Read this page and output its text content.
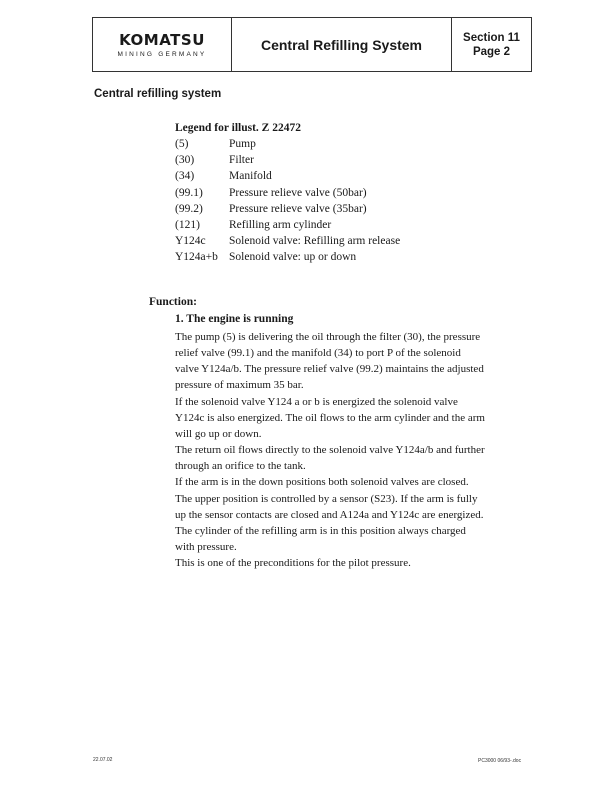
KOMATSU
MINING GERMANY
Central Refilling System	Section 11
Page 2
Central refilling system
Legend for illust. Z 22472
(5)	Pump
(30)	Filter
(34)	Manifold
(99.1)	Pressure relieve valve (50bar)
(99.2)	Pressure relieve valve (35bar)
(121)	Refilling arm cylinder
Y124c	Solenoid valve: Refilling arm release
Y124a+b Solenoid valve: up or down
Function:
1. The engine is running
The pump (5) is delivering the oil through the filter (30), the pressure
relief valve (99.1) and the manifold (34) to port P of the solenoid
valve Y124a/b. The pressure relief valve (99.2) maintains the adjusted
pressure of maximum 35 bar.
If the solenoid valve Y124 a or b is energized the solenoid valve
Y124c is also energized. The oil flows to the arm cylinder and the arm
will go up or down.
The return oil flows directly to the solenoid valve Y124a/b and further
through an orifice to the tank.
If the arm is in the down positions both solenoid valves are closed.
The upper position is controlled by a sensor (S23). If the arm is fully
up the sensor contacts are closed and A124a and Y124c are energized.
The cylinder of the refilling arm is in this position always charged
with pressure.
This is one of the preconditions for the pilot pressure.
22.07.02	PC3000 06/93-.doc
